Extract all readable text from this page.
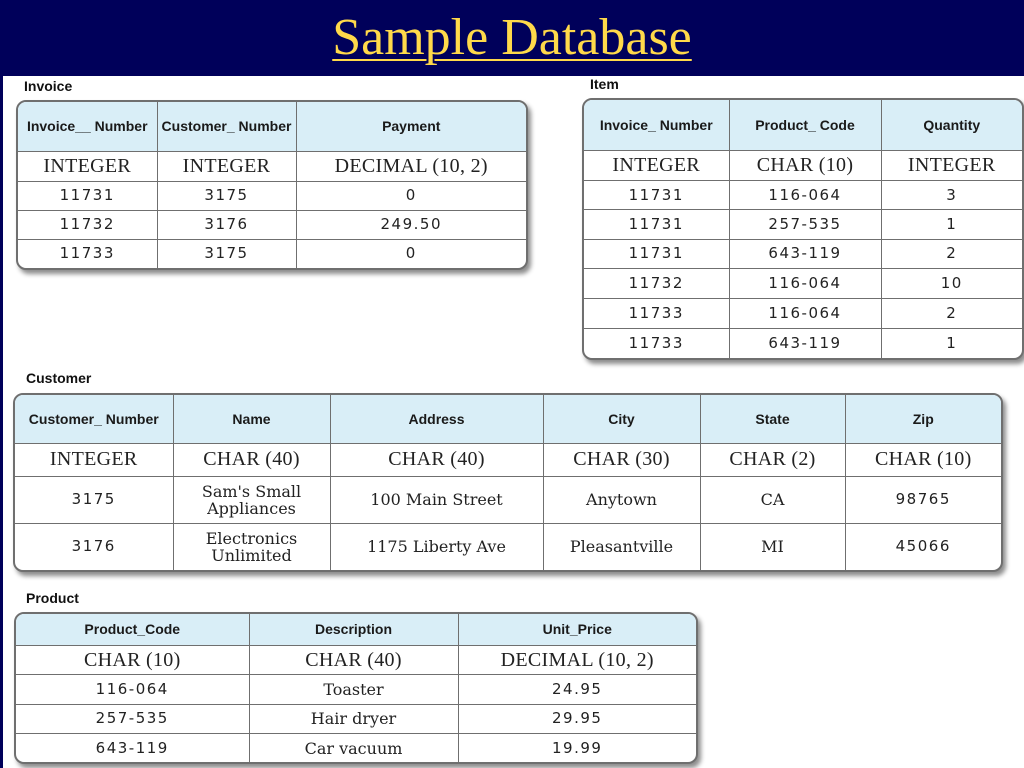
Sample Database
Invoice
Invoice__ Number	Customer_ Number	Payment
INTEGER	INTEGER	DECIMAL (10, 2)
11731	3175	0
11732	3176	249.50
11733	3175	0
Item
Invoice_ Number	Product_ Code	Quantity
INTEGER	CHAR (10)	INTEGER
11731	116-064	3
11731	257-535	1
11731	643-119	2
11732	116-064	10
11733	116-064	2
11733	643-119	1
Customer
Customer_ Number	Name	Address	City	State	Zip
INTEGER	CHAR (40)	CHAR (40)	CHAR (30)	CHAR (2)	CHAR (10)
3175	Sam's Small Appliances	100 Main Street	Anytown	CA	98765
3176	Electronics Unlimited	1175 Liberty Ave	Pleasantville	MI	45066
Product
Product_Code	Description	Unit_Price
CHAR (10)	CHAR (40)	DECIMAL (10, 2)
116-064	Toaster	24.95
257-535	Hair dryer	29.95
643-119	Car vacuum	19.99
